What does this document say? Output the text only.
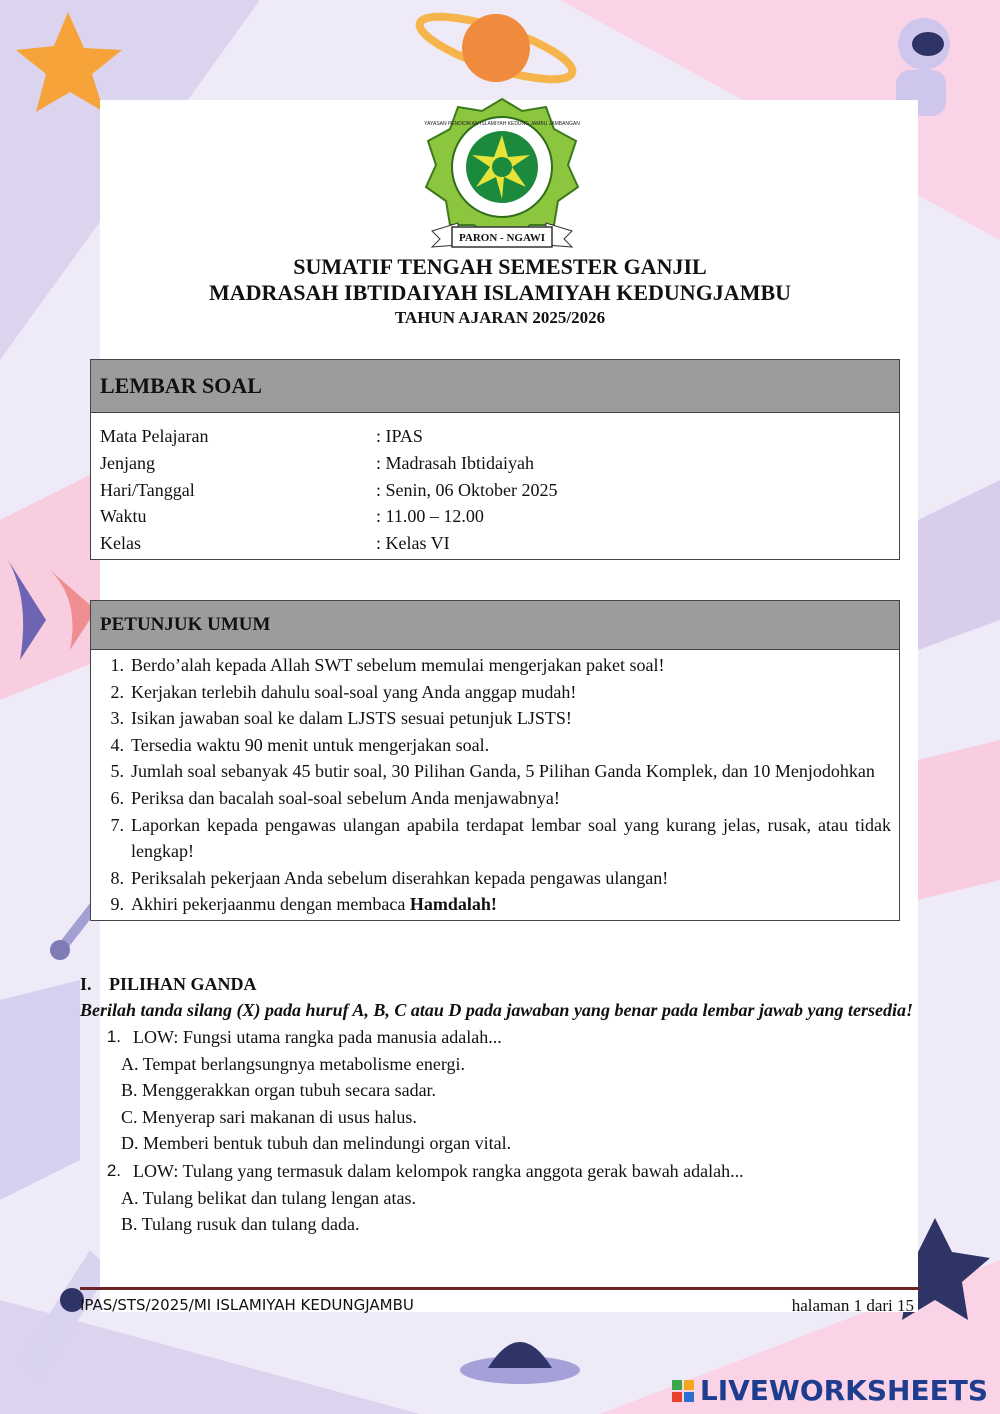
PARON - NGAWI
YAYASAN PENDIDIKAN ISLAMIYAH KEDUNG JAMBU JAMBANGAN
SUMATIF TENGAH SEMESTER GANJIL
MADRASAH IBTIDAIYAH ISLAMIYAH KEDUNGJAMBU
TAHUN AJARAN 2025/2026
LEMBAR SOAL
Mata Pelajaran	: IPAS
Jenjang	: Madrasah Ibtidaiyah
Hari/Tanggal	: Senin, 06 Oktober 2025
Waktu	: 11.00 – 12.00
Kelas	: Kelas VI
PETUNJUK UMUM
1. Berdo’alah kepada Allah SWT sebelum memulai mengerjakan paket soal!
2. Kerjakan terlebih dahulu soal-soal yang Anda anggap mudah!
3. Isikan jawaban soal ke dalam LJSTS sesuai petunjuk LJSTS!
4. Tersedia waktu 90 menit untuk mengerjakan soal.
5. Jumlah soal sebanyak 45 butir soal, 30 Pilihan Ganda, 5 Pilihan Ganda Komplek, dan 10 Menjodohkan
6. Periksa dan bacalah soal-soal sebelum Anda menjawabnya!
7. Laporkan kepada pengawas ulangan apabila terdapat lembar soal yang kurang jelas, rusak, atau tidak lengkap!
8. Periksalah pekerjaan Anda sebelum diserahkan kepada pengawas ulangan!
9. Akhiri pekerjaanmu dengan membaca Hamdalah!
I. PILIHAN GANDA
Berilah tanda silang (X) pada huruf A, B, C atau D pada jawaban yang benar pada lembar jawab yang tersedia!
1. LOW: Fungsi utama rangka pada manusia adalah...
A. Tempat berlangsungnya metabolisme energi.
B. Menggerakkan organ tubuh secara sadar.
C. Menyerap sari makanan di usus halus.
D. Memberi bentuk tubuh dan melindungi organ vital.
2. LOW: Tulang yang termasuk dalam kelompok rangka anggota gerak bawah adalah...
A. Tulang belikat dan tulang lengan atas.
B. Tulang rusuk dan tulang dada.
IPAS/STS/2025/MI ISLAMIYAH KEDUNGJAMBU	halaman 1 dari 15
LIVEWORKSHEETS
